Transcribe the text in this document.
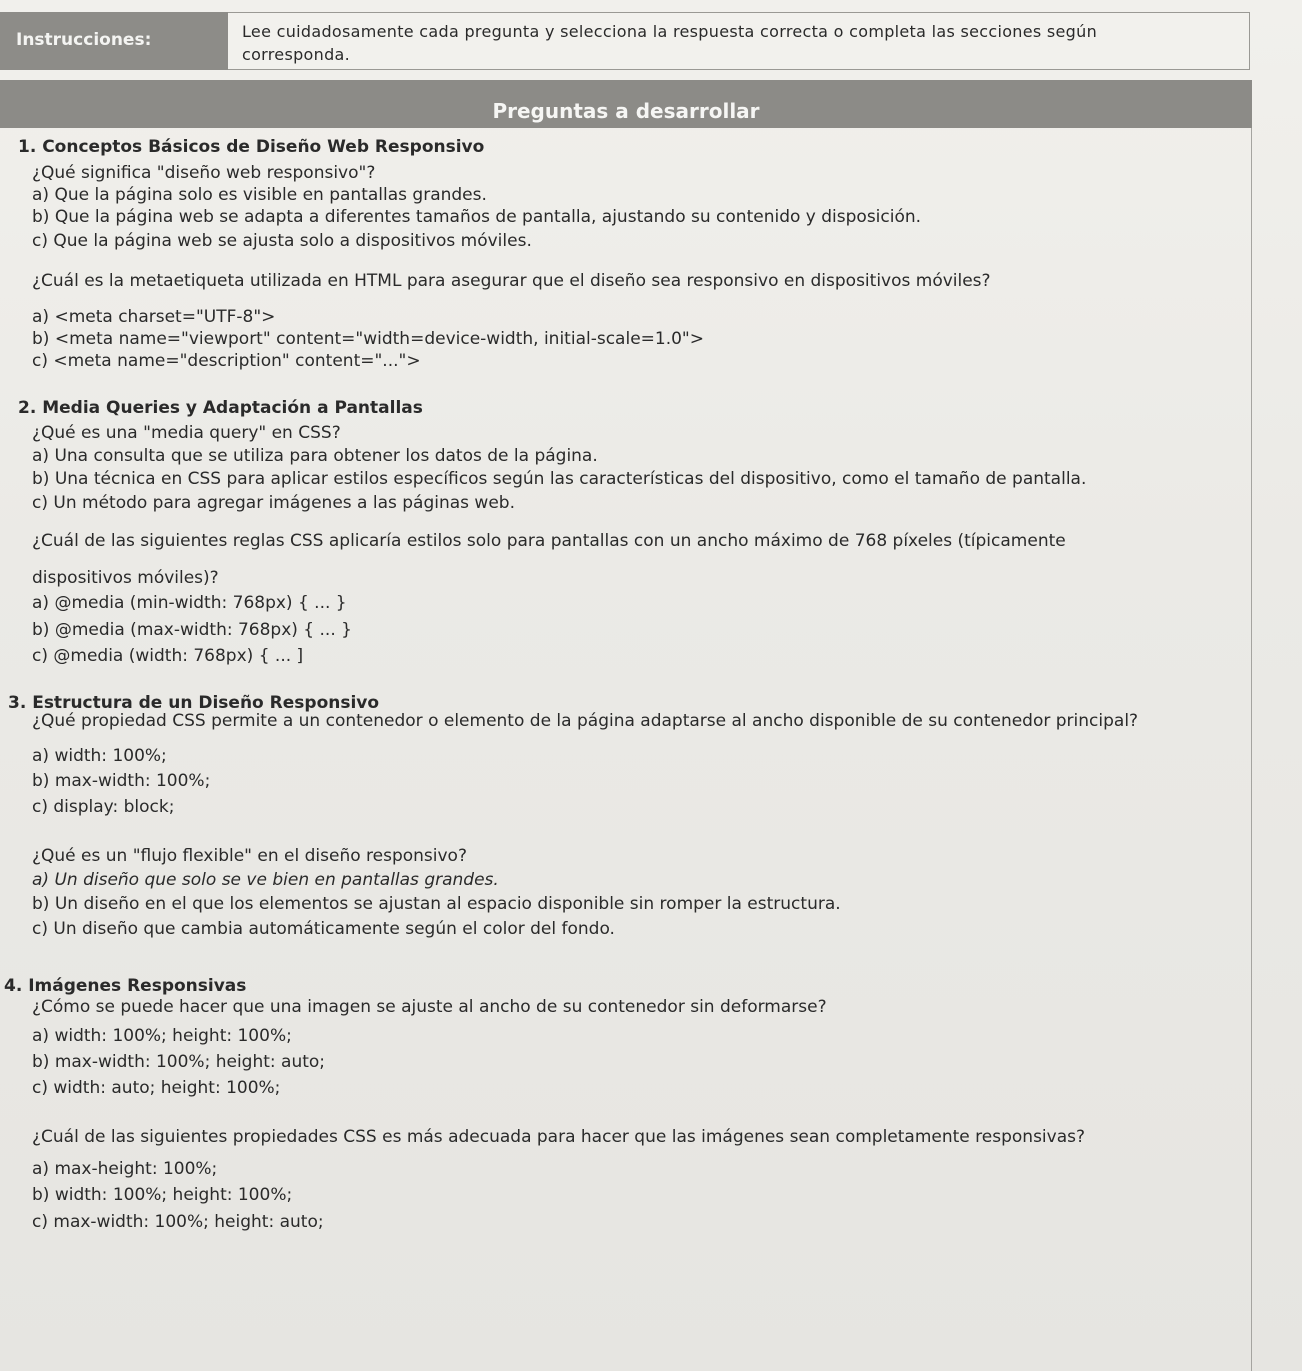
Instrucciones:	Lee cuidadosamente cada pregunta y selecciona la respuesta correcta o completa las secciones según
corresponda.
Preguntas a desarrollar
1. Conceptos Básicos de Diseño Web Responsivo
¿Qué significa "diseño web responsivo"?
a) Que la página solo es visible en pantallas grandes.
b) Que la página web se adapta a diferentes tamaños de pantalla, ajustando su contenido y disposición.
c) Que la página web se ajusta solo a dispositivos móviles.
¿Cuál es la metaetiqueta utilizada en HTML para asegurar que el diseño sea responsivo en dispositivos móviles?
a) <meta charset="UTF-8">
b) <meta name="viewport" content="width=device-width, initial-scale=1.0">
c) <meta name="description" content="...">
2. Media Queries y Adaptación a Pantallas
¿Qué es una "media query" en CSS?
a) Una consulta que se utiliza para obtener los datos de la página.
b) Una técnica en CSS para aplicar estilos específicos según las características del dispositivo, como el tamaño de pantalla.
c) Un método para agregar imágenes a las páginas web.
¿Cuál de las siguientes reglas CSS aplicaría estilos solo para pantallas con un ancho máximo de 768 píxeles (típicamente
dispositivos móviles)?
a) @media (min-width: 768px) { ... }
b) @media (max-width: 768px) { ... }
c) @media (width: 768px) { ... ]
3. Estructura de un Diseño Responsivo
¿Qué propiedad CSS permite a un contenedor o elemento de la página adaptarse al ancho disponible de su contenedor principal?
a) width: 100%;
b) max-width: 100%;
c) display: block;
¿Qué es un "flujo flexible" en el diseño responsivo?
a) Un diseño que solo se ve bien en pantallas grandes.
b) Un diseño en el que los elementos se ajustan al espacio disponible sin romper la estructura.
c) Un diseño que cambia automáticamente según el color del fondo.
4. Imágenes Responsivas
¿Cómo se puede hacer que una imagen se ajuste al ancho de su contenedor sin deformarse?
a) width: 100%; height: 100%;
b) max-width: 100%; height: auto;
c) width: auto; height: 100%;
¿Cuál de las siguientes propiedades CSS es más adecuada para hacer que las imágenes sean completamente responsivas?
a) max-height: 100%;
b) width: 100%; height: 100%;
c) max-width: 100%; height: auto;
